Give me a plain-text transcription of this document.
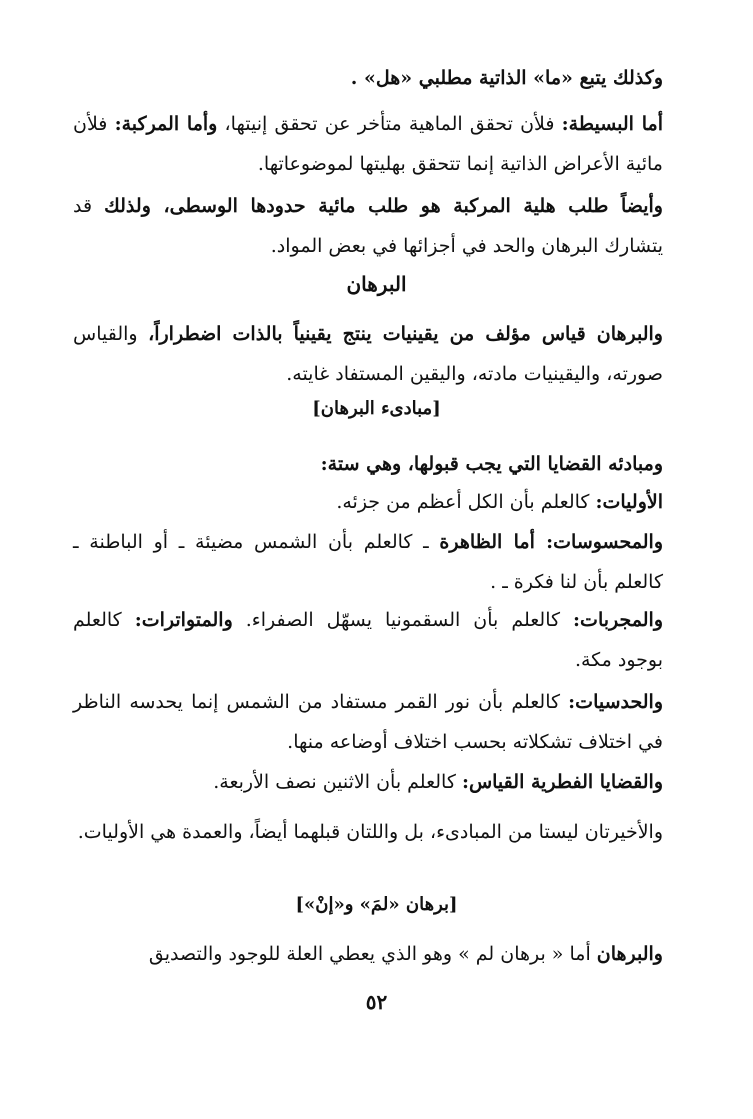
وكذلك يتبع «ما» الذاتية مطلبي «هل» .

أما البسيطة: فلأن تحقق الماهية متأخر عن تحقق إنيتها، وأما المركبة: فلأن مائية الأعراض الذاتية إنما تتحقق بهليتها لموضوعاتها.

وأيضاً طلب هلية المركبة هو طلب مائية حدودها الوسطى، ولذلك قد يتشارك البرهان والحد في أجزائها في بعض المواد.

البرهان

والبرهان قياس مؤلف من يقينيات ينتج يقينياً بالذات اضطراراً، والقياس صورته، واليقينيات مادته، واليقين المستفاد غايته.

[مبادىء البرهان]

ومبادئه القضايا التي يجب قبولها، وهي ستة:

الأوليات: كالعلم بأن الكل أعظم من جزئه.

والمحسوسات: أما الظاهرة ـ كالعلم بأن الشمس مضيئة ـ أو الباطنة ـ كالعلم بأن لنا فكرة ـ .

والمجربات: كالعلم بأن السقمونيا يسهّل الصفراء. والمتواترات: كالعلم بوجود مكة.

والحدسيات: كالعلم بأن نور القمر مستفاد من الشمس إنما يحدسه الناظر في اختلاف تشكلاته بحسب اختلاف أوضاعه منها.

والقضايا الفطرية القياس: كالعلم بأن الاثنين نصف الأربعة.

والأخيرتان ليستا من المبادىء، بل واللتان قبلهما أيضاً، والعمدة هي الأوليات.

[برهان «لمَ» و«إنْ»]

والبرهان أما « برهان لم » وهو الذي يعطي العلة للوجود والتصديق

٥٢
